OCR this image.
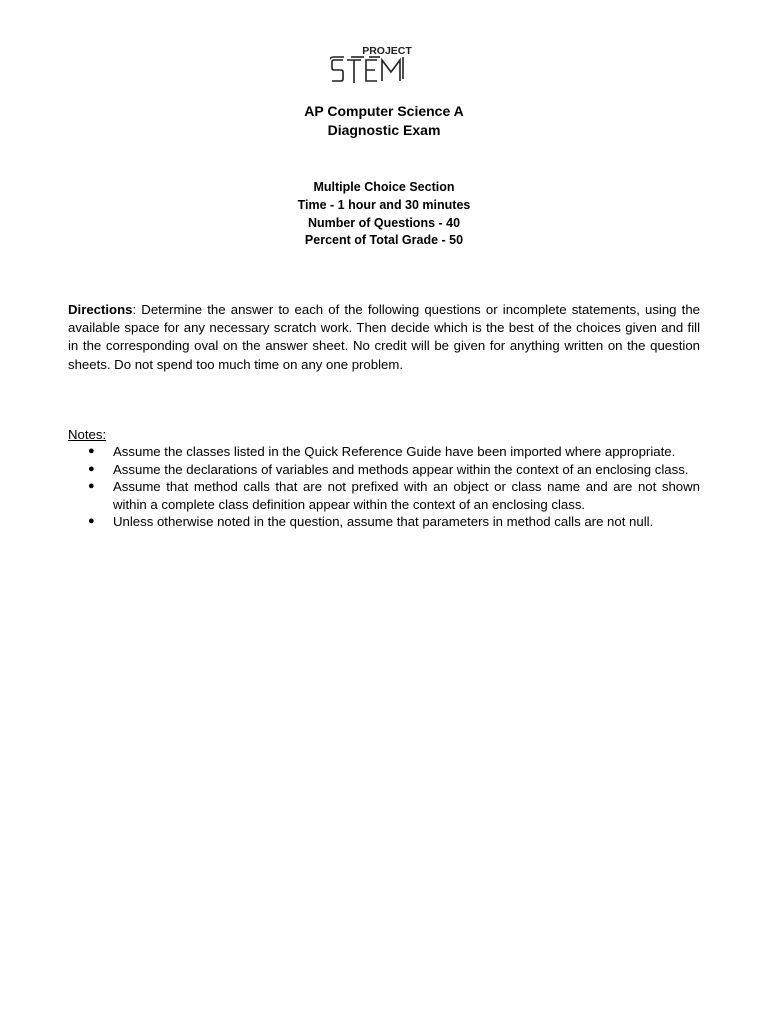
PROJECT
AP Computer Science A
Diagnostic Exam
Multiple Choice Section
Time - 1 hour and 30 minutes
Number of Questions - 40
Percent of Total Grade - 50
Directions: Determine the answer to each of the following questions or incomplete statements, using the available space for any necessary scratch work. Then decide which is the best of the choices given and fill in the corresponding oval on the answer sheet. No credit will be given for anything written on the question sheets. Do not spend too much time on any one problem.
Notes:
● Assume the classes listed in the Quick Reference Guide have been imported where appropriate.
● Assume the declarations of variables and methods appear within the context of an enclosing class.
● Assume that method calls that are not prefixed with an object or class name and are not shown within a complete class definition appear within the context of an enclosing class.
● Unless otherwise noted in the question, assume that parameters in method calls are not null.
